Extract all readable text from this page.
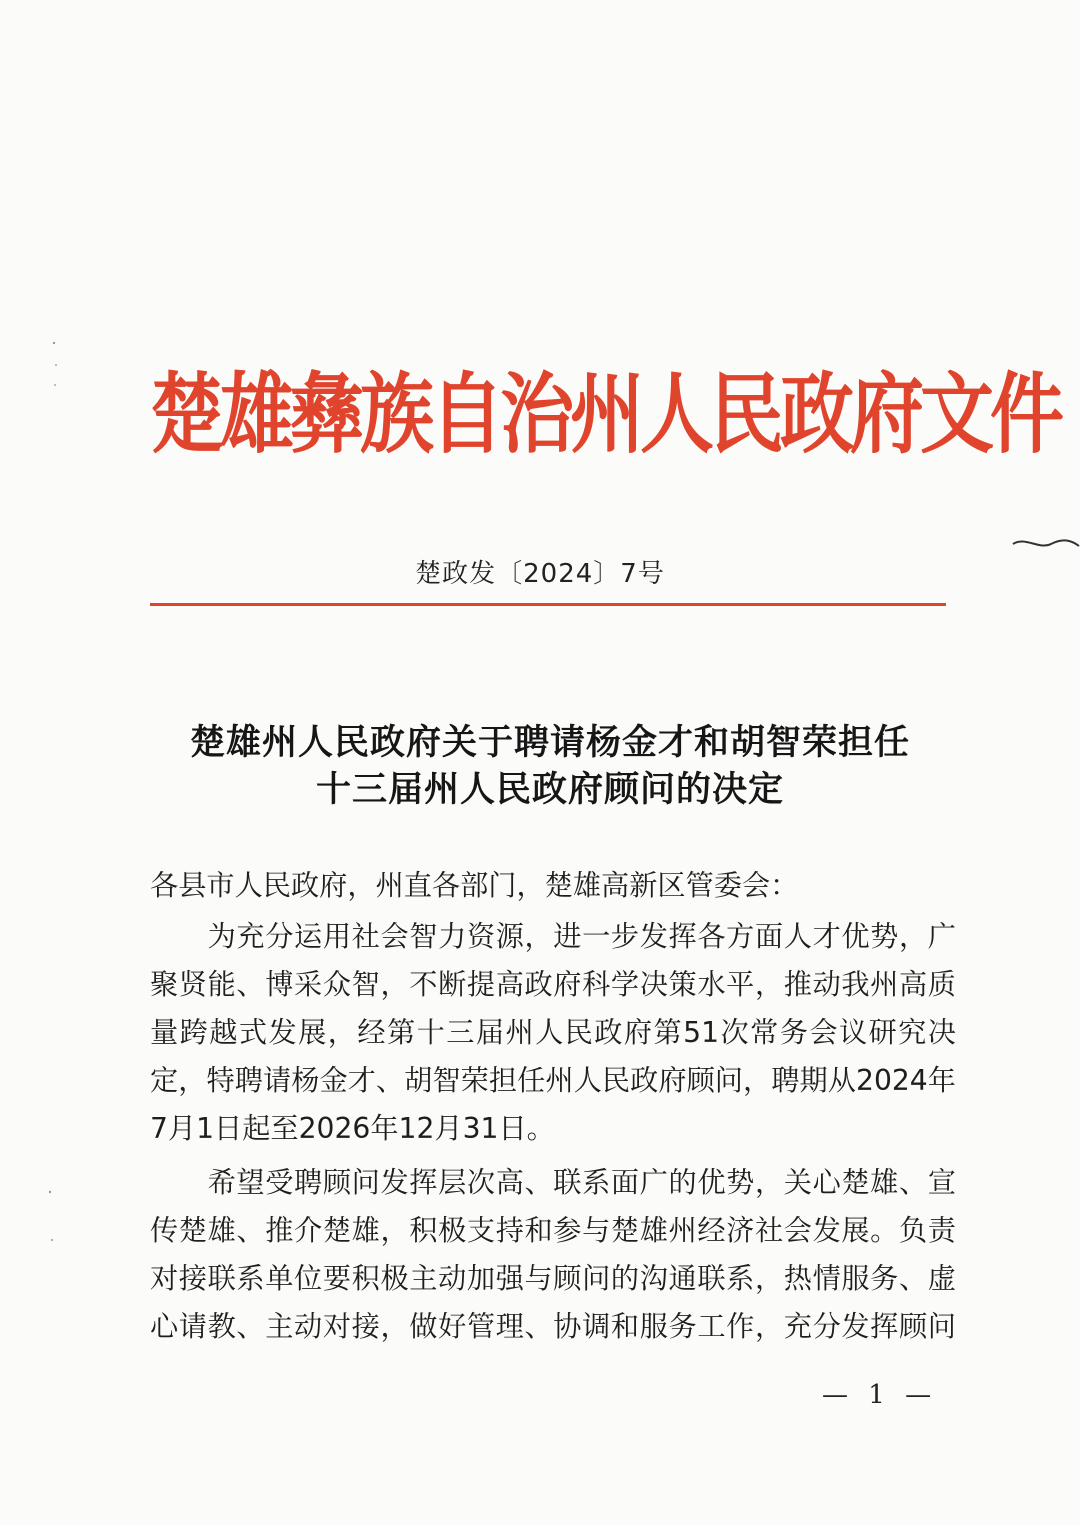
楚雄彝族自治州人民政府文件
楚政发〔2024〕7号
楚雄州人民政府关于聘请杨金才和胡智荣担任
十三届州人民政府顾问的决定
各县市人民政府，州直各部门，楚雄高新区管委会：
　　为充分运用社会智力资源，进一步发挥各方面人才优势，广
聚贤能、博采众智，不断提高政府科学决策水平，推动我州高质
量跨越式发展，经第十三届州人民政府第51次常务会议研究决
定，特聘请杨金才、胡智荣担任州人民政府顾问，聘期从2024年
7月1日起至2026年12月31日。
　　希望受聘顾问发挥层次高、联系面广的优势，关心楚雄、宣
传楚雄、推介楚雄，积极支持和参与楚雄州经济社会发展。负责
对接联系单位要积极主动加强与顾问的沟通联系，热情服务、虚
心请教、主动对接，做好管理、协调和服务工作，充分发挥顾问
— 1 —
